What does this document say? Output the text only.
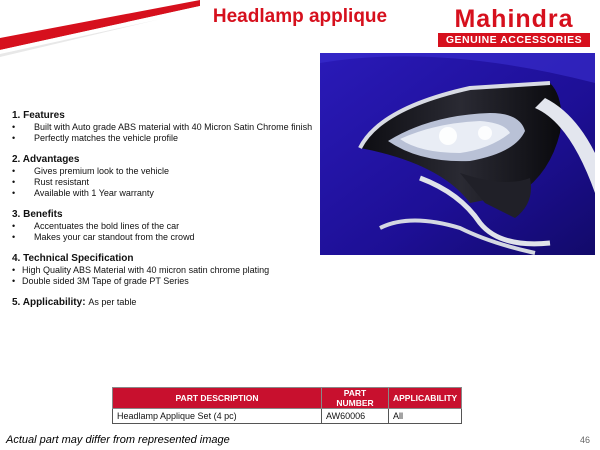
Headlamp applique	Mahindra
GENUINE ACCESSORIES
1. Features
• Built with Auto grade ABS material with 40 Micron Satin Chrome finish
• Perfectly matches the vehicle profile
2. Advantages
• Gives premium look to the vehicle
• Rust resistant
• Available with 1 Year warranty
3. Benefits
• Accentuates the bold lines of the car
• Makes your car standout from the crowd
4. Technical Specification
• High Quality ABS Material with 40 micron satin chrome plating
• Double sided 3M Tape of grade PT Series
5. Applicability: As per table
PART DESCRIPTION	PART NUMBER	APPLICABILITY
Headlamp Applique Set (4 pc)	AW60006	All
Actual part may differ from represented image	46
